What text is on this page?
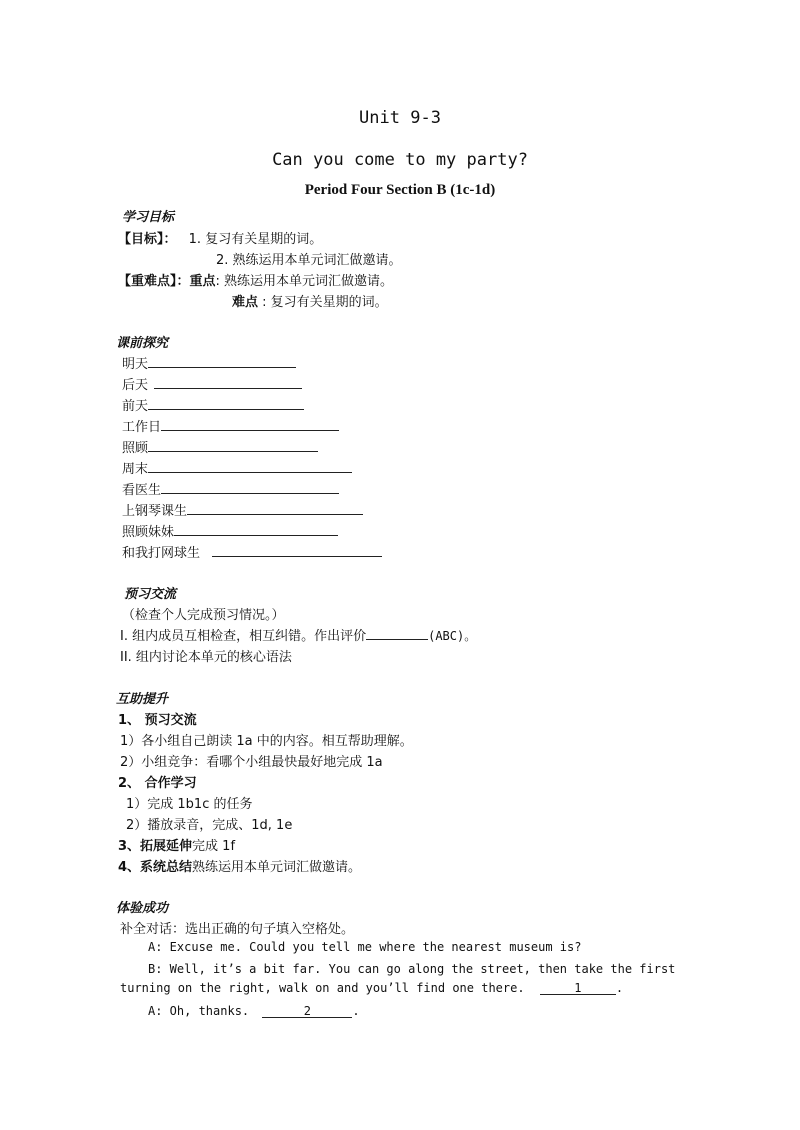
Unit 9-3
Can you come to my party?
Period Four Section B (1c-1d)
学习目标
【目标】： 1. 复习有关星期的词。
2. 熟练运用本单元词汇做邀请。
【重难点】：重点: 熟练运用本单元词汇做邀请。
难点 : 复习有关星期的词。
课前探究
明天
后天
前天
工作日
照顾
周末
看医生
上钢琴课生
照顾妹妹
和我打网球生
预习交流
（检查个人完成预习情况。）
I. 组内成员互相检查，相互纠错。作出评价	(ABC)。
II. 组内讨论本单元的核心语法
互助提升
1、 预习交流
1）各小组自己朗读 1a 中的内容。相互帮助理解。
2）小组竞争：看哪个小组最快最好地完成 1a
2、 合作学习
1）完成 1b1c 的任务
2）播放录音，完成、1d, 1e
3、拓展延伸完成 1f
4、系统总结熟练运用本单元词汇做邀请。
体验成功
补全对话：选出正确的句子填入空格处。
A: Excuse me. Could you tell me where the nearest museum is?
B: Well, it’s a bit far. You can go along the street, then take the first
turning on the right, walk on and you’ll find one there.	1	.
A: Oh, thanks.	2	.
